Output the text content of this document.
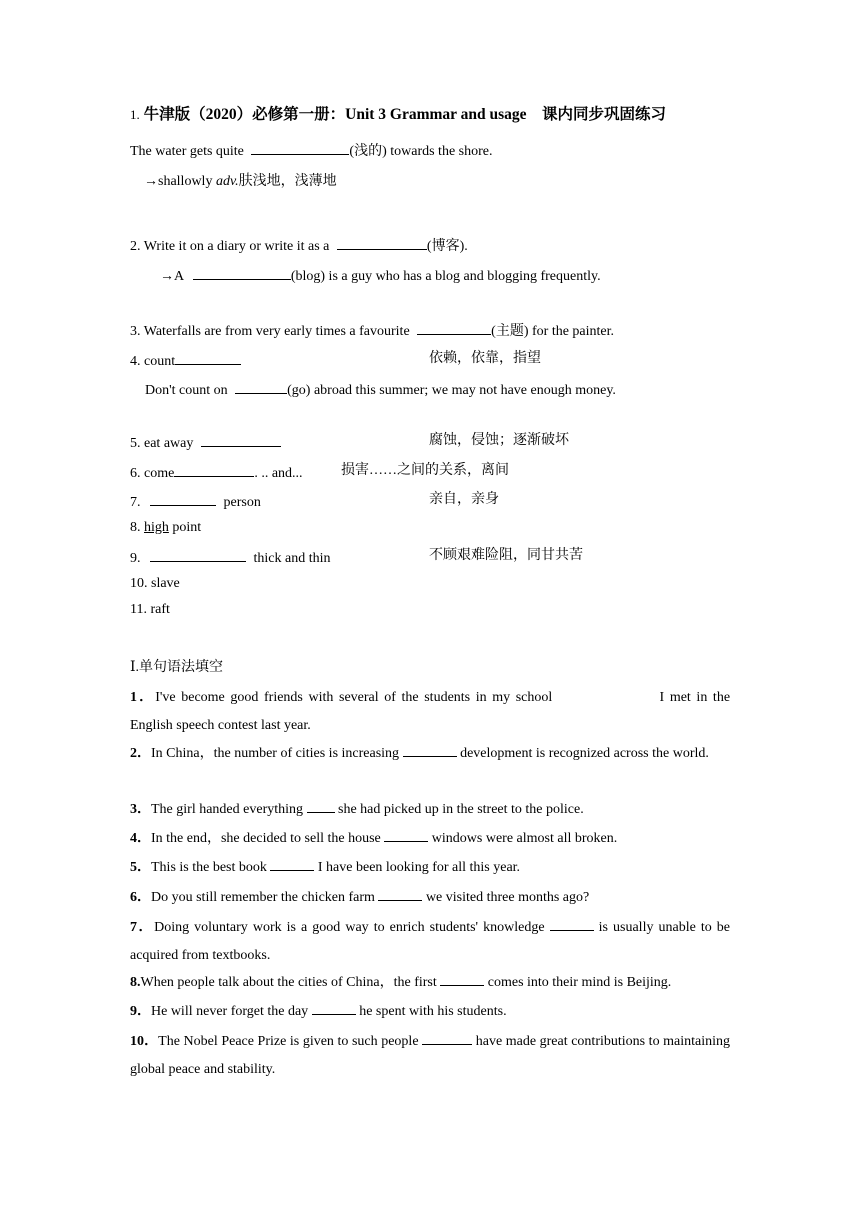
1. 牛津版（2020）必修第一册：Unit 3 Grammar and usage　课内同步巩固练习
The water gets quite	(浅的) towards the shore.
→shallowly adv.肤浅地，浅薄地
2. Write it on a diary or write it as a	(博客).
→A	(blog) is a guy who has a blog and blogging frequently.
3. Waterfalls are from very early times a favourite	(主题) for the painter.
4. count	依赖，依靠，指望
Don't count on	(go) abroad this summer; we may not have enough money.
5. eat away	腐蚀，侵蚀；逐渐破坏
6. come	. .. and...	损害……之间的关系，离间
7.	person	亲自，亲身
8. high point
9.	thick and thin	不顾艰难险阻，同甘共苦
10. slave
11. raft
Ⅰ.单句语法填空
1．I've become good friends with several of the students in my school	I met in the English speech contest last year.
2．In China，the number of cities is increasing	development is recognized across the world.
3．The girl handed everything	she had picked up in the street to the police.
4．In the end，she decided to sell the house	windows were almost all broken.
5．This is the best book	I have been looking for all this year.
6．Do you still remember the chicken farm	we visited three months ago?
7．Doing voluntary work is a good way to enrich students' knowledge	is usually unable to be acquired from textbooks.
8.When people talk about the cities of China，the first	comes into their mind is Beijing.
9．He will never forget the day	he spent with his students.
10．The Nobel Peace Prize is given to such people	have made great contributions to maintaining global peace and stability.
